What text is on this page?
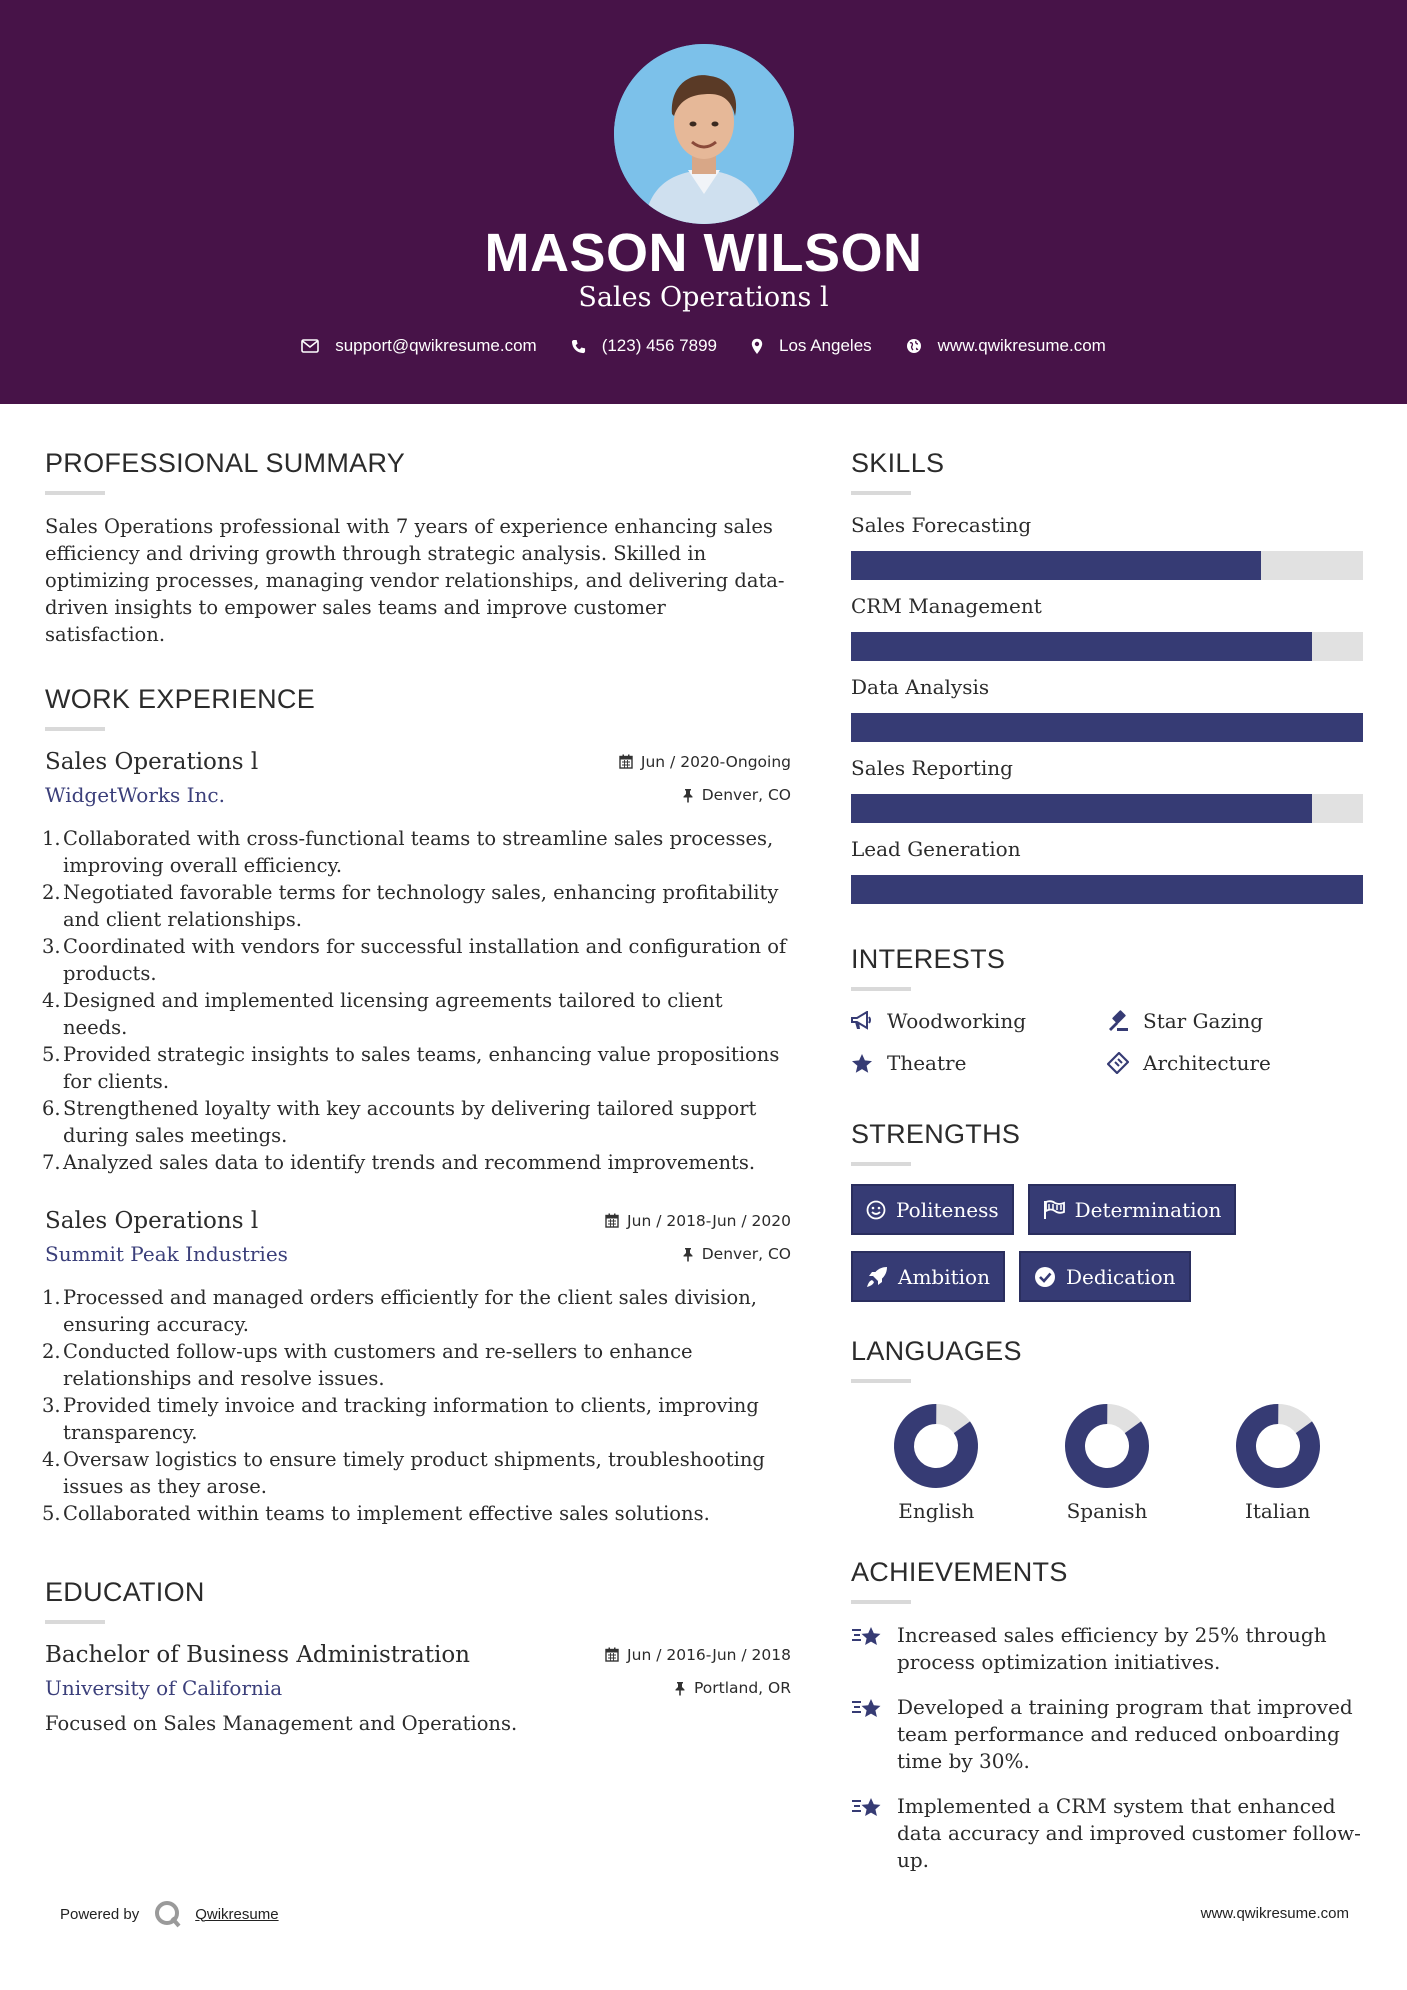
MASON WILSON
Sales Operations l
support@qwikresume.com	(123) 456 7899	Los Angeles	www.qwikresume.com
PROFESSIONAL SUMMARY

Sales Operations professional with 7 years of experience enhancing sales efficiency and driving growth through strategic analysis. Skilled in optimizing processes, managing vendor relationships, and delivering data-driven insights to empower sales teams and improve customer satisfaction.

WORK EXPERIENCE
Sales Operations l	Jun / 2020-Ongoing
WidgetWorks Inc.	Denver, CO
1. Collaborated with cross-functional teams to streamline sales processes, improving overall efficiency.
2. Negotiated favorable terms for technology sales, enhancing profitability and client relationships.
3. Coordinated with vendors for successful installation and configuration of products.
4. Designed and implemented licensing agreements tailored to client needs.
5. Provided strategic insights to sales teams, enhancing value propositions for clients.
6. Strengthened loyalty with key accounts by delivering tailored support during sales meetings.
7. Analyzed sales data to identify trends and recommend improvements.
Sales Operations l	Jun / 2018-Jun / 2020
Summit Peak Industries	Denver, CO
1. Processed and managed orders efficiently for the client sales division, ensuring accuracy.
2. Conducted follow-ups with customers and re-sellers to enhance relationships and resolve issues.
3. Provided timely invoice and tracking information to clients, improving transparency.
4. Oversaw logistics to ensure timely product shipments, troubleshooting issues as they arose.
5. Collaborated within teams to implement effective sales solutions.
EDUCATION
Bachelor of Business Administration	Jun / 2016-Jun / 2018
University of California	Portland, OR

Focused on Sales Management and Operations.

SKILLS
Sales Forecasting
CRM Management
Data Analysis
Sales Reporting
Lead Generation
INTERESTS
Woodworking	Star Gazing
Theatre	Architecture
STRENGTHS
Politeness	Determination
Ambition	Dedication
LANGUAGES
English	Spanish	Italian
ACHIEVEMENTS
Increased sales efficiency by 25% through process optimization initiatives.
Developed a training program that improved team performance and reduced onboarding time by 30%.
Implemented a CRM system that enhanced data accuracy and improved customer follow-up.
Powered by	Qwikresume	www.qwikresume.com
